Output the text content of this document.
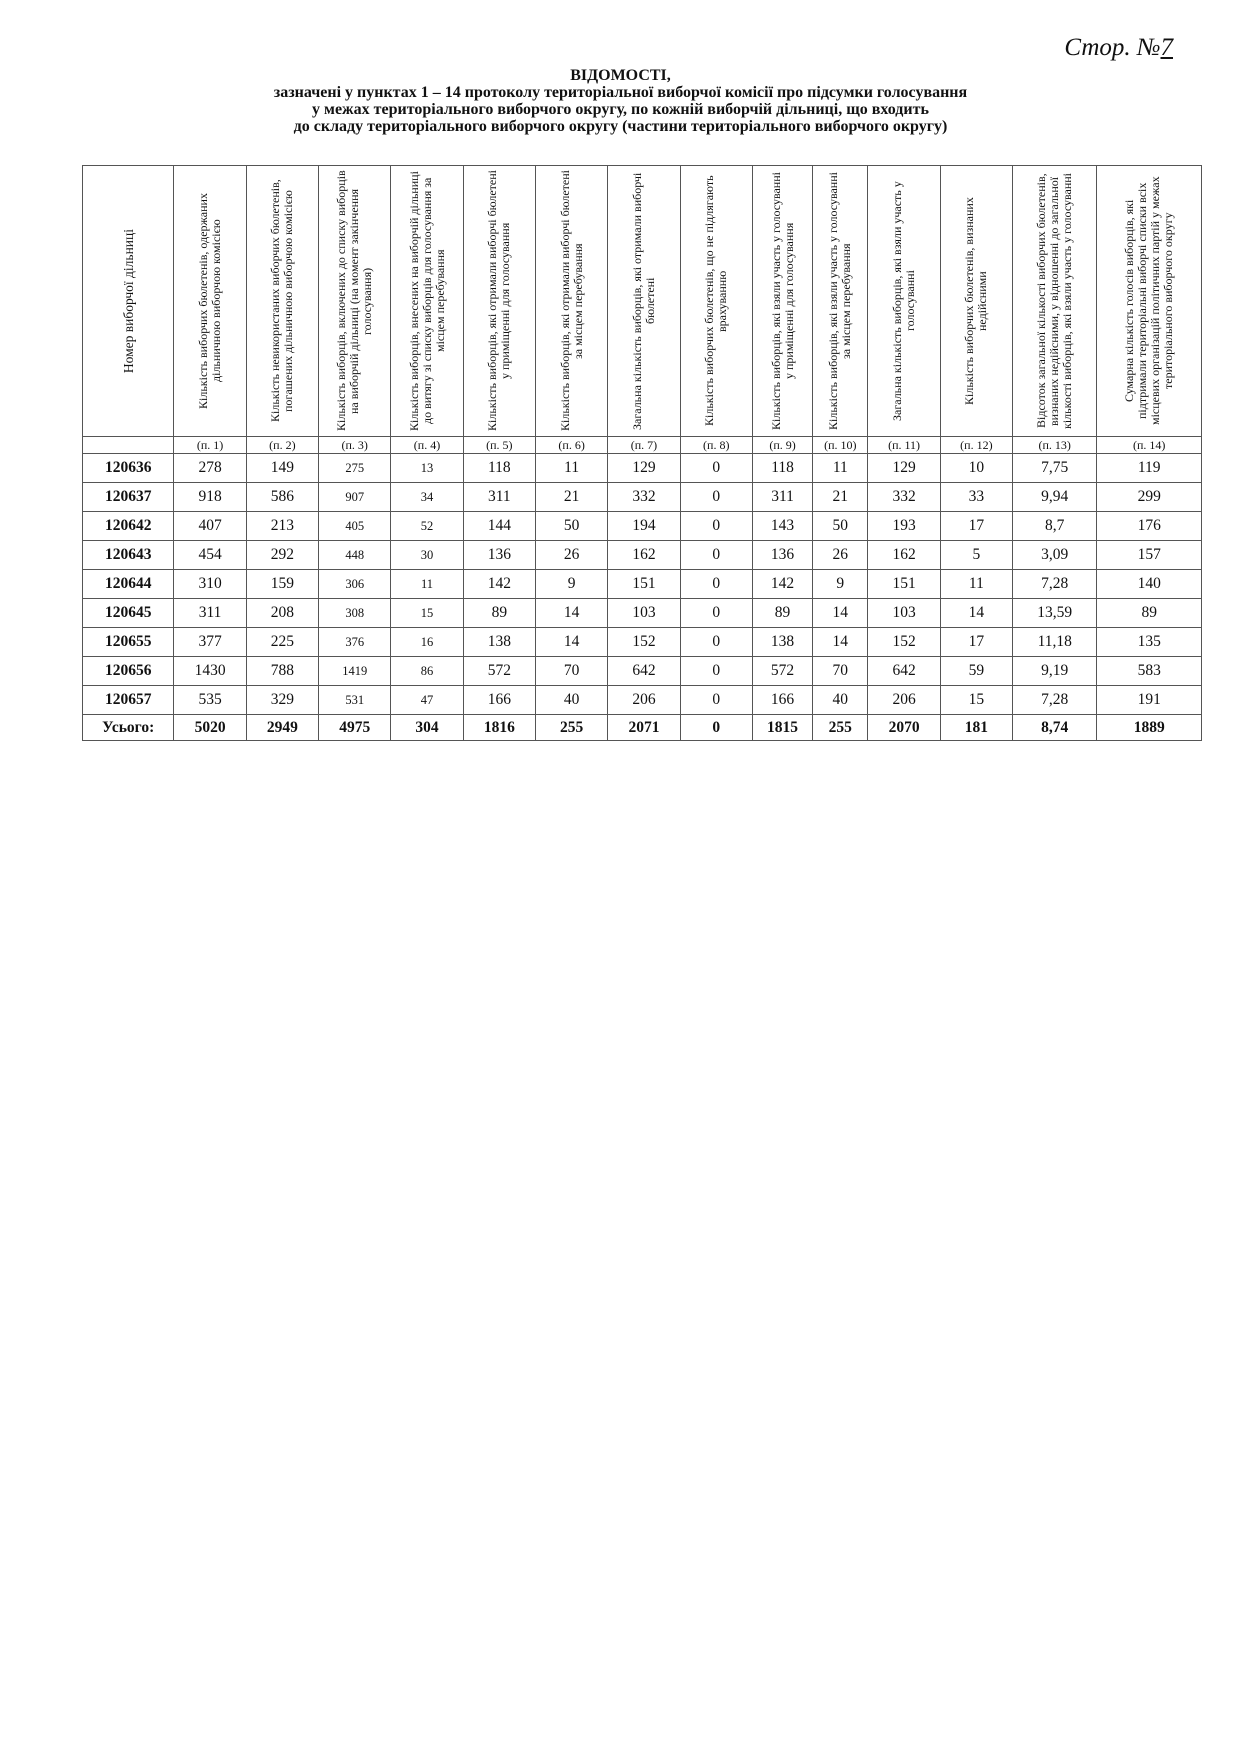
Стор. №7
ВІДОМОСТІ,
зазначені у пунктах 1 – 14 протоколу територіальної виборчої комісії про підсумки голосування
у межах територіального виборчого округу, по кожній виборчій дільниці, що входить
до складу територіального виборчого округу (частини територіального виборчого округу)
Номер виборчої дільниці	Кількість виборчих бюлетенів, одержаних дільничною виборчою комісією	Кількість невикористаних виборчих бюлетенів, погашених дільничною виборчою комісією	Кількість виборців, включених до списку виборців на виборчій дільниці (на момент закінчення голосування)	Кількість виборців, внесених на виборчій дільниці до витягу зі списку виборців для голосування за місцем перебування	Кількість виборців, які отримали виборчі бюлетені у приміщенні для голосування	Кількість виборців, які отримали виборчі бюлетені за місцем перебування	Загальна кількість виборців, які отримали виборчі бюлетені	Кількість виборчих бюлетенів, що не підлягають врахуванню	Кількість виборців, які взяли участь у голосуванні у приміщенні для голосування	Кількість виборців, які взяли участь у голосуванні за місцем перебування	Загальна кількість виборців, які взяли участь у голосуванні	Кількість виборчих бюлетенів, визнаних недійсними	Відсоток загальної кількості виборчих бюлетенів, визнаних недійсними, у відношенні до загальної кількості виборців, які взяли участь у голосуванні	Сумарна кількість голосів виборців, які підтримали територіальні виборчі списки всіх місцевих організацій політичних партій у межах територіального виборчого округу

	(п. 1)	(п. 2)	(п. 3)	(п. 4)	(п. 5)	(п. 6)	(п. 7)	(п. 8)	(п. 9)	(п. 10)	(п. 11)	(п. 12)	(п. 13)	(п. 14)
120636	278	149	275	13	118	11	129	0	118	11	129	10	7,75	119
120637	918	586	907	34	311	21	332	0	311	21	332	33	9,94	299
120642	407	213	405	52	144	50	194	0	143	50	193	17	8,7	176
120643	454	292	448	30	136	26	162	0	136	26	162	5	3,09	157
120644	310	159	306	11	142	9	151	0	142	9	151	11	7,28	140
120645	311	208	308	15	89	14	103	0	89	14	103	14	13,59	89
120655	377	225	376	16	138	14	152	0	138	14	152	17	11,18	135
120656	1430	788	1419	86	572	70	642	0	572	70	642	59	9,19	583
120657	535	329	531	47	166	40	206	0	166	40	206	15	7,28	191
Усього:	5020	2949	4975	304	1816	255	2071	0	1815	255	2070	181	8,74	1889
